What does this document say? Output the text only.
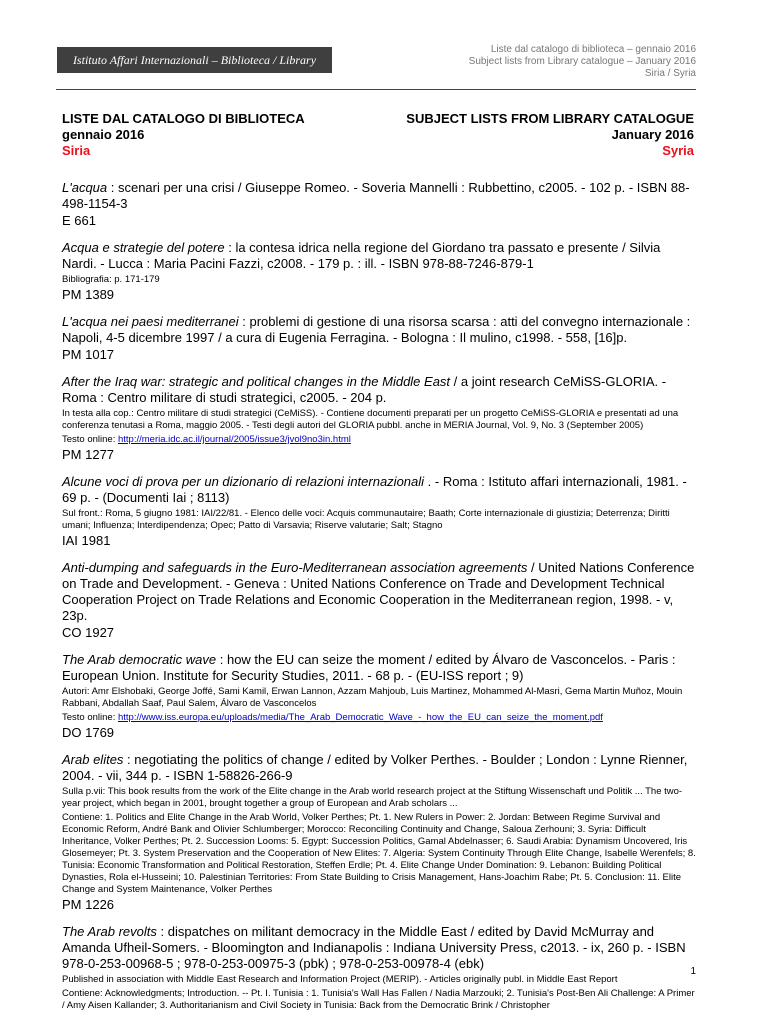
Istituto Affari Internazionali – Biblioteca / Library
Liste dal catalogo di biblioteca – gennaio 2016
Subject lists from Library catalogue – January 2016
Siria / Syria
LISTE DAL CATALOGO DI BIBLIOTECA
gennaio 2016
Siria
SUBJECT LISTS FROM LIBRARY CATALOGUE
January 2016
Syria
L'acqua : scenari per una crisi / Giuseppe Romeo. - Soveria Mannelli : Rubbettino, c2005. - 102 p. - ISBN 88-498-1154-3
E 661
Acqua e strategie del potere : la contesa idrica nella regione del Giordano tra passato e presente / Silvia Nardi. - Lucca : Maria Pacini Fazzi, c2008. - 179 p. : ill. - ISBN 978-88-7246-879-1
Bibliografia: p. 171-179
PM 1389
L'acqua nei paesi mediterranei : problemi di gestione di una risorsa scarsa : atti del convegno internazionale : Napoli, 4-5 dicembre 1997 / a cura di Eugenia Ferragina. - Bologna : Il mulino, c1998. - 558, [16]p.
PM 1017
After the Iraq war: strategic and political changes in the Middle East / a joint research CeMiSS-GLORIA. - Roma : Centro militare di studi strategici, c2005. - 204 p.
In testa alla cop.: Centro militare di studi strategici (CeMiSS). - Contiene documenti preparati per un progetto CeMiSS-GLORIA e presentati ad una conferenza tenutasi a Roma, maggio 2005. - Testi degli autori del GLORIA pubbl. anche in MERIA Journal, Vol. 9, No. 3 (September 2005)
Testo online: http://meria.idc.ac.il/journal/2005/issue3/jvol9no3in.html
PM 1277
Alcune voci di prova per un dizionario di relazioni internazionali . - Roma : Istituto affari internazionali, 1981. - 69 p. - (Documenti Iai ; 8113)
Sul front.: Roma, 5 giugno 1981: IAI/22/81. - Elenco delle voci: Acquis communautaire; Baath; Corte internazionale di giustizia; Deterrenza; Diritti umani; Influenza; Interdipendenza; Opec; Patto di Varsavia; Riserve valutarie; Salt; Stagno
IAI 1981
Anti-dumping and safeguards in the Euro-Mediterranean association agreements / United Nations Conference on Trade and Development. - Geneva : United Nations Conference on Trade and Development Technical Cooperation Project on Trade Relations and Economic Cooperation in the Mediterranean region, 1998. - v, 23p.
CO 1927
The Arab democratic wave : how the EU can seize the moment / edited by Álvaro de Vasconcelos. - Paris : European Union. Institute for Security Studies, 2011. - 68 p. - (EU-ISS report ; 9)
Autori: Amr Elshobaki, George Joffé, Sami Kamil, Erwan Lannon, Azzam Mahjoub, Luis Martinez, Mohammed Al-Masri, Gema Martin Muñoz, Mouin Rabbani, Abdallah Saaf, Paul Salem, Álvaro de Vasconcelos
Testo online: http://www.iss.europa.eu/uploads/media/The_Arab_Democratic_Wave_-_how_the_EU_can_seize_the_moment.pdf
DO 1769
Arab elites : negotiating the politics of change / edited by Volker Perthes. - Boulder ; London : Lynne Rienner, 2004. - vii, 344 p. - ISBN 1-58826-266-9
Sulla p.vii: This book results from the work of the Elite change in the Arab world research project at the Stiftung Wissenschaft und Politik ... The two-year project, which began in 2001, brought together a group of European and Arab scholars ...
Contiene: 1. Politics and Elite Change in the Arab World, Volker Perthes; Pt. 1. New Rulers in Power: 2. Jordan: Between Regime Survival and Economic Reform, André Bank and Olivier Schlumberger; Morocco: Reconciling Continuity and Change, Saloua Zerhouni; 3. Syria: Difficult Inheritance, Volker Perthes; Pt. 2. Succession Looms: 5. Egypt: Succession Politics, Gamal Abdelnasser; 6. Saudi Arabia: Dynamism Uncovered, Iris Glosemeyer; Pt. 3. System Preservation and the Cooperation of New Elites: 7. Algeria: System Continuity Through Elite Change, Isabelle Werenfels; 8. Tunisia: Economic Transformation and Political Restoration, Steffen Erdle; Pt. 4. Elite Change Under Domination: 9. Lebanon: Building Political Dynasties, Rola el-Husseini; 10. Palestinian Territories: From State Building to Crisis Management, Hans-Joachim Rabe; Pt. 5. Conclusion: 11. Elite Change and System Maintenance, Volker Perthes
PM 1226
The Arab revolts : dispatches on militant democracy in the Middle East / edited by David McMurray and Amanda Ufheil-Somers. - Bloomington and Indianapolis : Indiana University Press, c2013. - ix, 260 p. - ISBN 978-0-253-00968-5 ; 978-0-253-00975-3 (pbk) ; 978-0-253-00978-4 (ebk)
Published in association with Middle East Research and Information Project (MERIP). - Articles originally publ. in Middle East Report
Contiene: Acknowledgments; Introduction. -- Pt. I. Tunisia : 1. Tunisia's Wall Has Fallen / Nadia Marzouki; 2. Tunisia's Post-Ben Ali Challenge: A Primer / Amy Aisen Kallander; 3. Authoritarianism and Civil Society in Tunisia: Back from the Democratic Brink / Christopher
1
